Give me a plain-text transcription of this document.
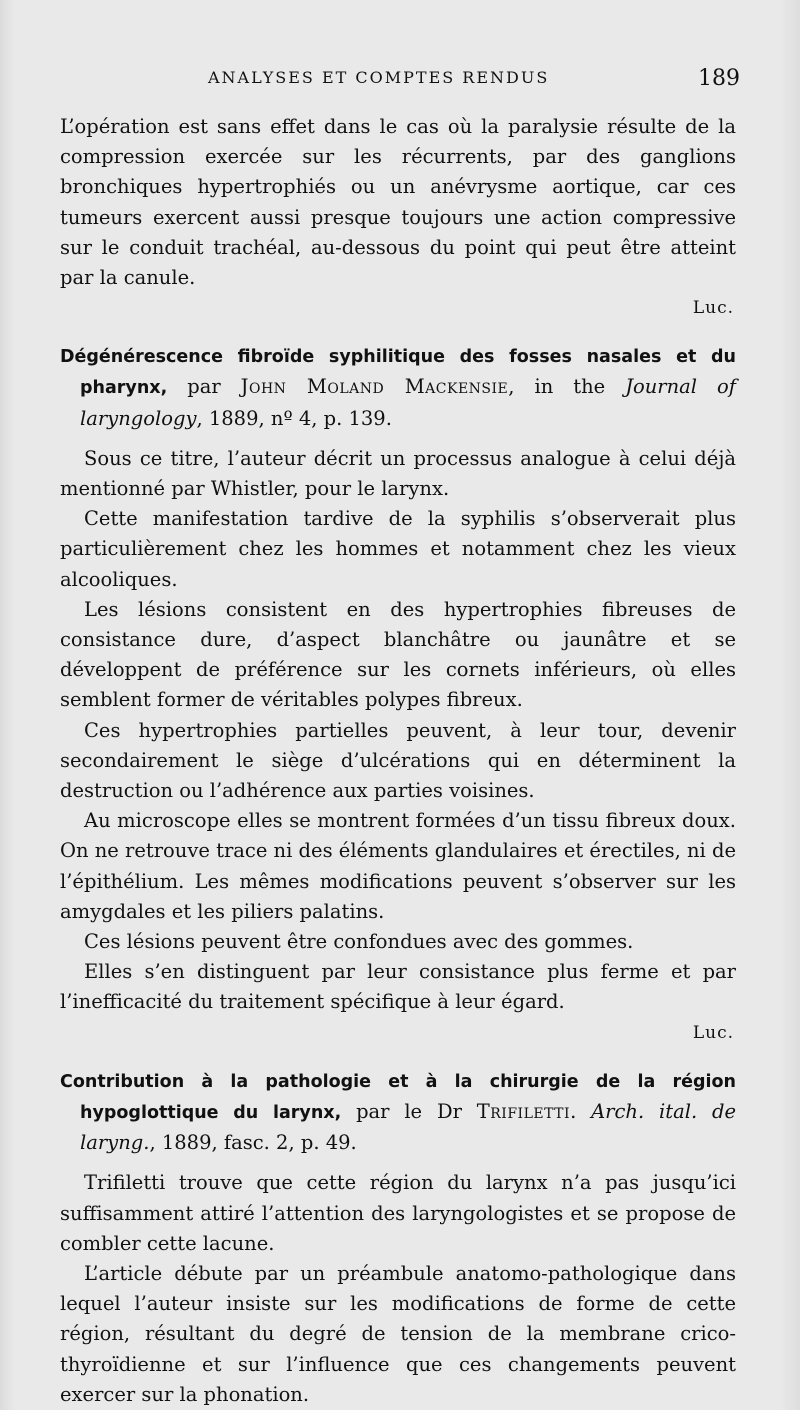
ANALYSES ET COMPTES RENDUS	189

L’opération est sans effet dans le cas où la paralysie résulte de la compression exercée sur les récurrents, par des ganglions bronchiques hypertrophiés ou un anévrysme aortique, car ces tumeurs exercent aussi presque toujours une action compressive sur le conduit trachéal, au-dessous du point qui peut être atteint par la canule.

Luc.

Dégénérescence fibroïde syphilitique des fosses nasales et du pharynx, par John Moland Mackensie, in the Journal of laryngology, 1889, nº 4, p. 139.

Sous ce titre, l’auteur décrit un processus analogue à celui déjà mentionné par Whistler, pour le larynx.

Cette manifestation tardive de la syphilis s’observerait plus particulièrement chez les hommes et notamment chez les vieux alcooliques.

Les lésions consistent en des hypertrophies fibreuses de consistance dure, d’aspect blanchâtre ou jaunâtre et se développent de préférence sur les cornets inférieurs, où elles semblent former de véritables polypes fibreux.

Ces hypertrophies partielles peuvent, à leur tour, devenir secondairement le siège d’ulcérations qui en déterminent la destruction ou l’adhérence aux parties voisines.

Au microscope elles se montrent formées d’un tissu fibreux doux. On ne retrouve trace ni des éléments glandulaires et érectiles, ni de l’épithélium. Les mêmes modifications peuvent s’observer sur les amygdales et les piliers palatins.

Ces lésions peuvent être confondues avec des gommes.

Elles s’en distinguent par leur consistance plus ferme et par l’inefficacité du traitement spécifique à leur égard.

Luc.

Contribution à la pathologie et à la chirurgie de la région hypoglottique du larynx, par le Dr Trifiletti. Arch. ital. de laryng., 1889, fasc. 2, p. 49.

Trifiletti trouve que cette région du larynx n’a pas jusqu’ici suffisamment attiré l’attention des laryngologistes et se propose de combler cette lacune.

L’article débute par un préambule anatomo-pathologique dans lequel l’auteur insiste sur les modifications de forme de cette région, résultant du degré de tension de la membrane crico-thyroïdienne et sur l’influence que ces changements peuvent exercer sur la phonation.
